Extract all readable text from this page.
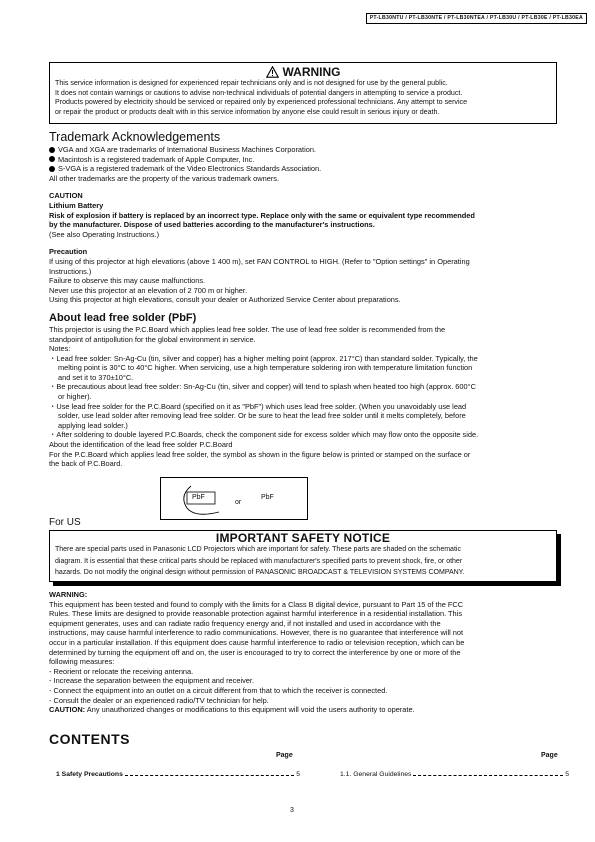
PT-LB30NTU / PT-LB30NTE / PT-LB30NTEA / PT-LB30U / PT-LB30E / PT-LB30EA
WARNING
This service information is designed for experienced repair technicians only and is not designed for use by the general public.
It does not contain warnings or cautions to advise non-technical individuals of potential dangers in attempting to service a product.
Products powered by electricity should be serviced or repaired only by experienced professional technicians. Any attempt to service
or repair the product or products dealt with in this service information by anyone else could result in serious injury or death.
Trademark Acknowledgements
VGA and XGA are trademarks of International Business Machines Corporation.
Macintosh is a registered trademark of Apple Computer, Inc.
S-VGA is a registered trademark of the Video Electronics Standards Association.
All other trademarks are the property of the various trademark owners.
CAUTION
Lithium Battery
Risk of explosion if battery is replaced by an incorrect type. Replace only with the same or equivalent type recommended
by the manufacturer. Dispose of used batteries according to the manufacturer's instructions.
(See also Operating Instructions.)
Precaution
If using of this projector at high elevations (above 1 400 m), set FAN CONTROL to HIGH. (Refer to "Option settings" in Operating
Instructions.)
Failure to observe this may cause malfunctions.
Never use this projector at an elevation of 2 700 m or higher.
Using this projector at high elevations, consult your dealer or Authorized Service Center about preparations.
About lead free solder (PbF)
This projector is using the P.C.Board which applies lead free solder. The use of lead free solder is recommended from the
standpoint of antipollution for the global environment in service.
Notes:
・Lead free solder: Sn-Ag-Cu (tin, silver and copper) has a higher melting point (approx. 217°C) than standard solder. Typically, the
melting point is 30°C to 40°C higher. When servicing, use a high temperature soldering iron with temperature limitation function
and set it to 370±10°C.
・Be precautious about lead free solder: Sn-Ag-Cu (tin, silver and copper) will tend to splash when heated too high (approx. 600°C
or higher).
・Use lead free solder for the P.C.Board (specified on it as "PbF") which uses lead free solder. (When you unavoidably use lead
solder, use lead solder after removing lead free solder. Or be sure to heat the lead free solder until it melts completely, before
applying lead solder.)
・After soldering to double layered P.C.Boards, check the component side for excess solder which may flow onto the opposite side.
About the identification of the lead free solder P.C.Board
For the P.C.Board which applies lead free solder, the symbol as shown in the figure below is printed or stamped on the surface or
the back of P.C.Board.
PbF
or
PbF
For US
IMPORTANT SAFETY NOTICE
There are special parts used in Panasonic LCD Projectors which are important for safety. These parts are shaded on the schematic
diagram. It is essential that these critical parts should be replaced with manufacturer's specified parts to prevent shock, fire, or other
hazards. Do not modify the original design without permission of PANASONIC BROADCAST & TELEVISION SYSTEMS COMPANY.
WARNING:
This equipment has been tested and found to comply with the limits for a Class B digital device, pursuant to Part 15 of the FCC
Rules. These limits are designed to provide reasonable protection against harmful interference in a residential installation. This
equipment generates, uses and can radiate radio frequency energy and, if not installed and used in accordance with the
instructions, may cause harmful interference to radio communications. However, there is no guarantee that interference will not
occur in a particular installation. If this equipment does cause harmful interference to radio or television reception, which can be
determined by turning the equipment off and on, the user is encouraged to try to correct the interference by one or more of the
following measures:
- Reorient or relocate the receiving antenna.
- Increase the separation between the equipment and receiver.
- Connect the equipment into an outlet on a circuit different from that to which the receiver is connected.
- Consult the dealer or an experienced radio/TV technician for help.
CAUTION: Any unauthorized changes or modifications to this equipment will void the users authority to operate.
CONTENTS
Page	Page
1 Safety Precautions	5	1.1. General Guidelines	5
3
